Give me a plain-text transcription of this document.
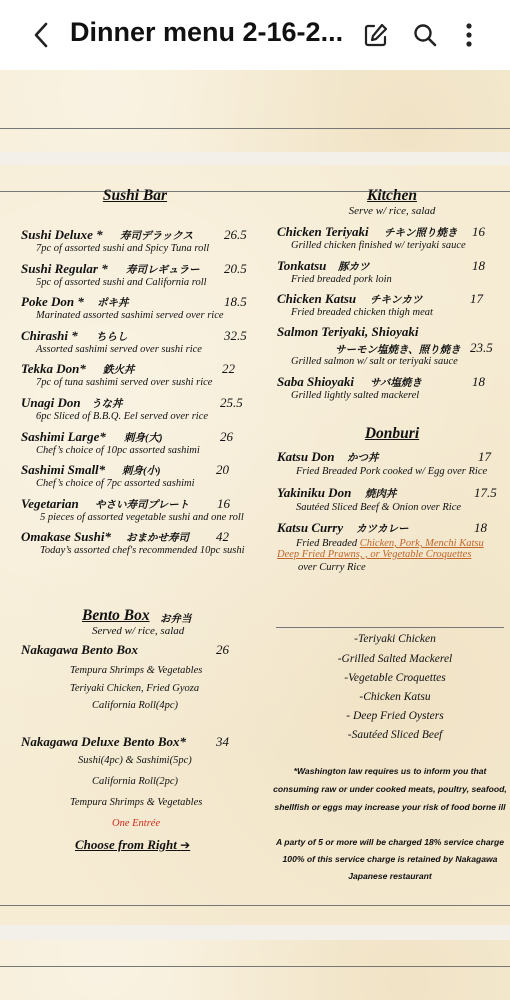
Dinner menu 2-16-2...
Sushi Bar
Sushi Deluxe * 寿司デラックス 26.5
7pc of assorted sushi and Spicy Tuna roll
Sushi Regular * 寿司レギュラー 20.5
5pc of assorted sushi and California roll
Poke Don * ポキ丼	18.5
Marinated assorted sashimi served over rice
Chirashi * ちらし	32.5
Assorted sashimi served over sushi rice
Tekka Don* 鉄火丼	22
7pc of tuna sashimi served over sushi rice
Unagi Don うな丼	25.5
6pc Sliced of B.B.Q. Eel served over rice
Sashimi Large* 刺身(大)	26
Chef’s choice of 10pc assorted sashimi
Sashimi Small* 刺身(小)	20
Chef’s choice of 7pc assorted sashimi
Vegetarian やさい寿司プレート 16
5 pieces of assorted vegetable sushi and one roll
Omakase Sushi* おまかせ寿司 42
Today’s assorted chef's recommended 10pc sushi
Bento Box お弁当
Served w/ rice, salad
Nakagawa Bento Box	26
Tempura Shrimps & Vegetables
Teriyaki Chicken, Fried Gyoza
California Roll(4pc)
Nakagawa Deluxe Bento Box* 34
Sushi(4pc) & Sashimi(5pc)
California Roll(2pc)
Tempura Shrimps & Vegetables
One Entrée
Choose from Right ➔
Kitchen
Serve w/ rice, salad
Chicken Teriyaki チキン照り焼き 16
Grilled chicken finished w/ teriyaki sauce
Tonkatsu 豚カツ	18
Fried breaded pork loin
Chicken Katsu チキンカツ	17
Fried breaded chicken thigh meat
Salmon Teriyaki, Shioyaki
サーモン塩焼き、照り焼き 23.5
Grilled salmon w/ salt or teriyaki sauce
Saba Shioyaki サバ塩焼き	18
Grilled lightly salted mackerel
Donburi
Katsu Don かつ丼	17
Fried Breaded Pork cooked w/ Egg over Rice
Yakiniku Don 焼肉丼	17.5
Sautéed Sliced Beef & Onion over Rice
Katsu Curry カツカレー	18
Fried Breaded Chicken, Pork, Menchi Katsu
Deep Fried Prawns, , or Vegetable Croquettes
over Curry Rice
-Teriyaki Chicken
-Grilled Salted Mackerel
-Vegetable Croquettes
-Chicken Katsu
- Deep Fried Oysters
-Sautéed Sliced Beef
*Washington law requires us to inform you that
consuming raw or under cooked meats, poultry, seafood,
shellfish or eggs may increase your risk of food borne ill
A party of 5 or more will be charged 18% service charge
100% of this service charge is retained by Nakagawa
Japanese restaurant
